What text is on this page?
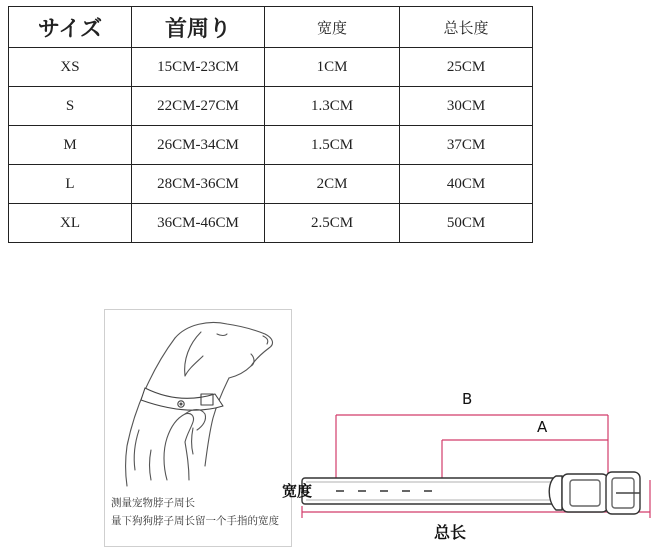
サイズ	首周り	宽度	总长度
XS	15CM-23CM	1CM	25CM
S	22CM-27CM	1.3CM	30CM
M	26CM-34CM	1.5CM	37CM
L	28CM-36CM	2CM	40CM
XL	36CM-46CM	2.5CM	50CM
测量宠物脖子周长
量下狗狗脖子周长留一个手指的宽度
B
A
宽度
总长
